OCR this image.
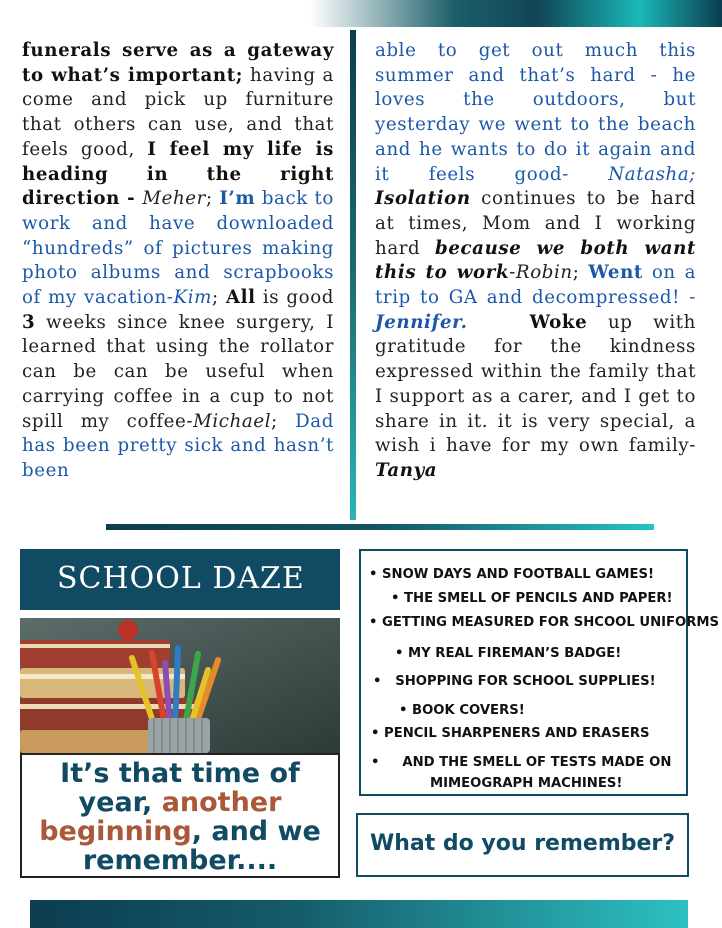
funerals serve as a gateway to what’s important; having a come and pick up furniture that others can use, and that feels good, I feel my life is heading in the right direction - Meher; I’m back to work and have downloaded “hundreds” of pictures making photo albums and scrapbooks of my vacation-Kim; All is good 3 weeks since knee surgery, I learned that using the rollator can be can be useful when carrying coffee in a cup to not spill my coffee-Michael; Dad has been pretty sick and hasn’t been
able to get out much this summer and that’s hard - he loves the outdoors, but yesterday we went to the beach and he wants to do it again and it feels good- Natasha; Isolation continues to be hard at times, Mom and I working hard because we both want this to work-Robin; Went on a trip to GA and decompressed! - Jennifer.	Woke up with gratitude for the kindness expressed within the family that I support as a carer, and I get to share in it. it is very special, a wish i have for my own family- Tanya
SCHOOL DAZE
It’s that time of
year, another
beginning, and we
remember....
• SNOW DAYS AND FOOTBALL GAMES!
• THE SMELL OF PENCILS AND PAPER!
• GETTING MEASURED FOR SHCOOL UNIFORMS
• MY REAL FIREMAN’S BADGE!
•   SHOPPING FOR SCHOOL SUPPLIES!
• BOOK COVERS!
• PENCIL SHARPENERS AND ERASERS
•     AND THE SMELL OF TESTS MADE ON
MIMEOGRAPH MACHINES!
What do you remember?
